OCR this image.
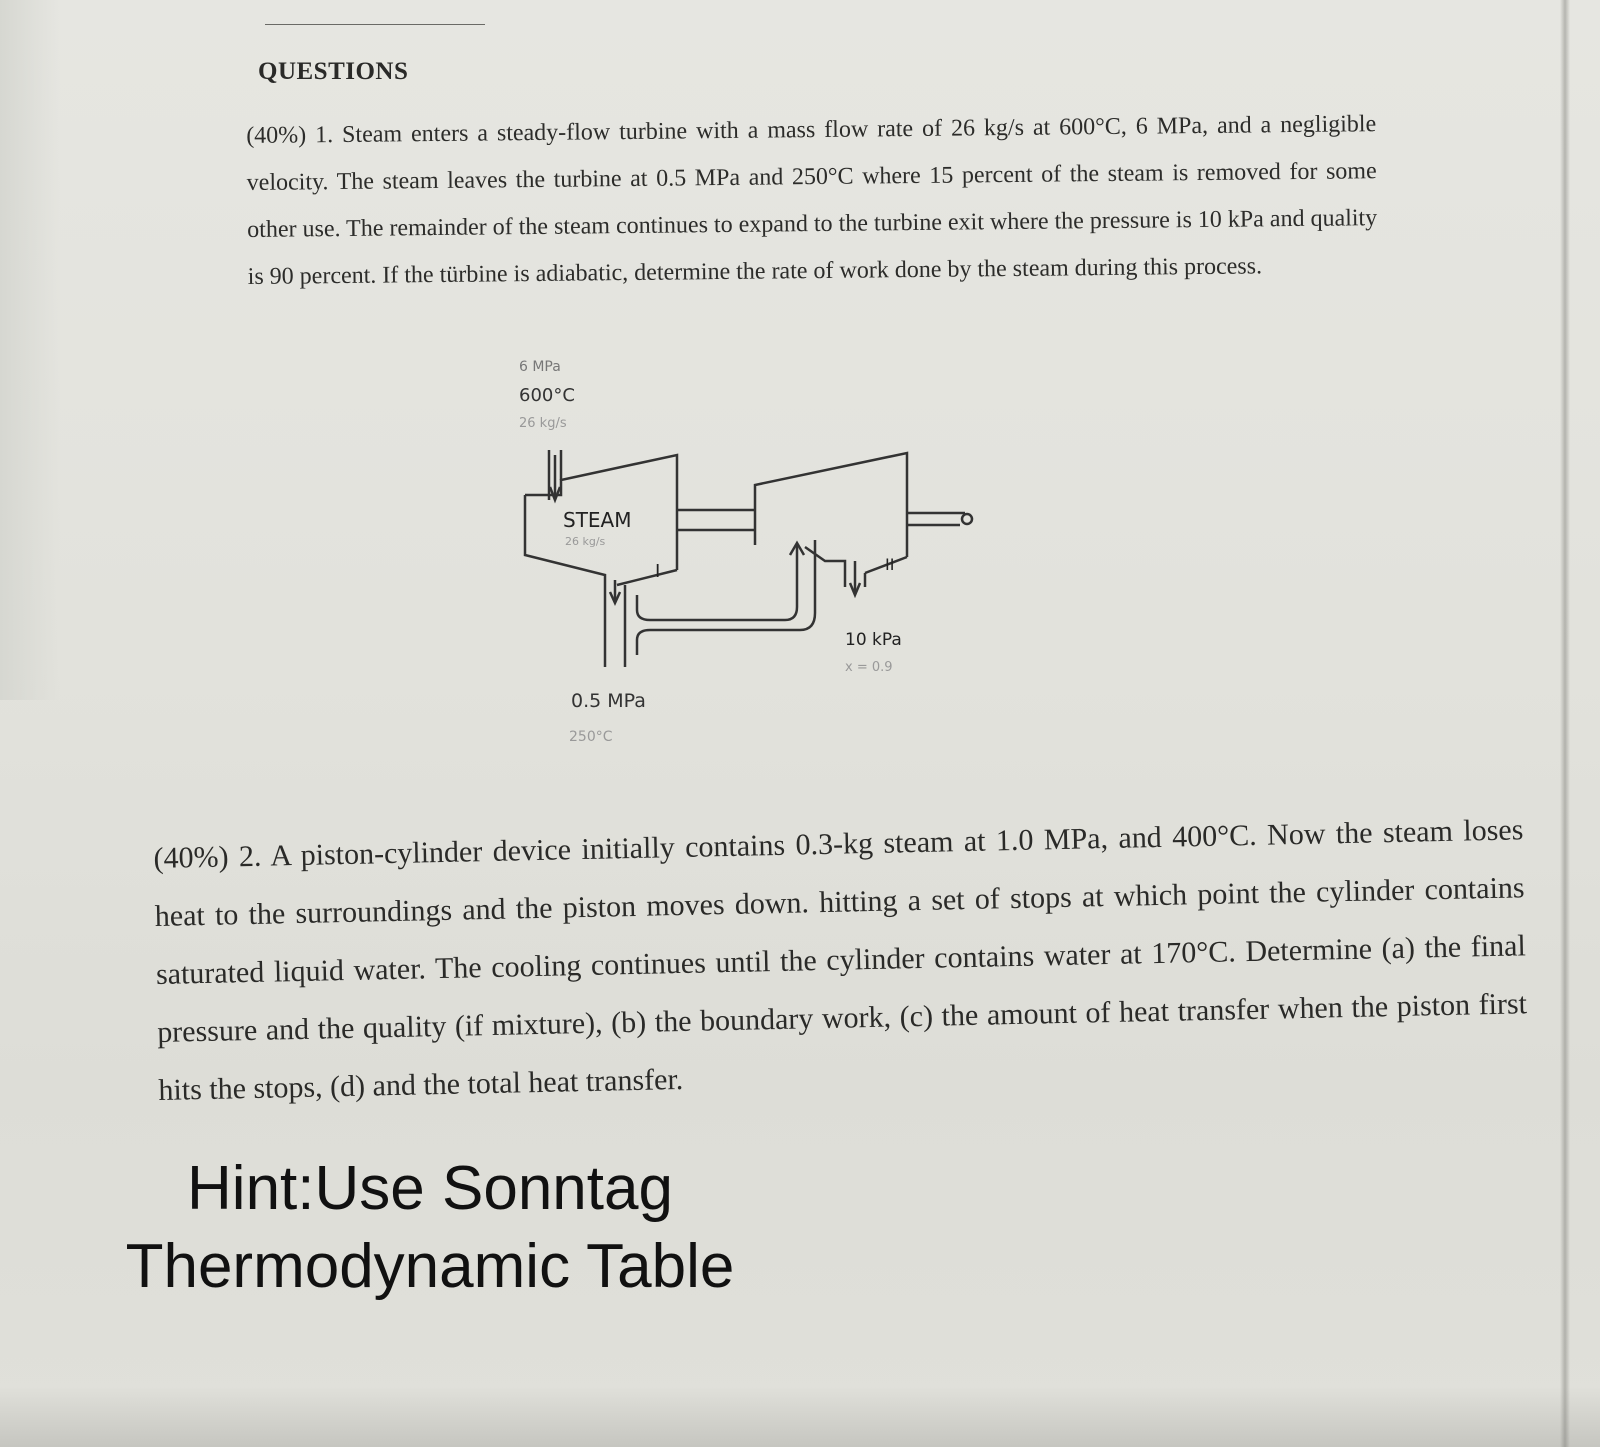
QUESTIONS
(40%) 1. Steam enters a steady-flow turbine with a mass flow rate of 26 kg/s at 600°C, 6 MPa, and a negligible velocity. The steam leaves the turbine at 0.5 MPa and 250°C where 15 percent of the steam is removed for some other use. The remainder of the steam continues to expand to the turbine exit where the pressure is 10 kPa and quality is 90 percent. If the türbine is adiabatic, determine the rate of work done by the steam during this process.
6 MPa
600°C
26 kg/s
STEAM
26 kg/s
I	II
10 kPa
x = 0.9
0.5 MPa
250°C
(40%) 2. A piston-cylinder device initially contains 0.3-kg steam at 1.0 MPa, and 400°C. Now the steam loses heat to the surroundings and the piston moves down. hitting a set of stops at which point the cylinder contains saturated liquid water. The cooling continues until the cylinder contains water at 170°C. Determine (a) the final pressure and the quality (if mixture), (b) the boundary work, (c) the amount of heat transfer when the piston first hits the stops, (d) and the total heat transfer.
Hint:Use Sonntag
Thermodynamic Table
